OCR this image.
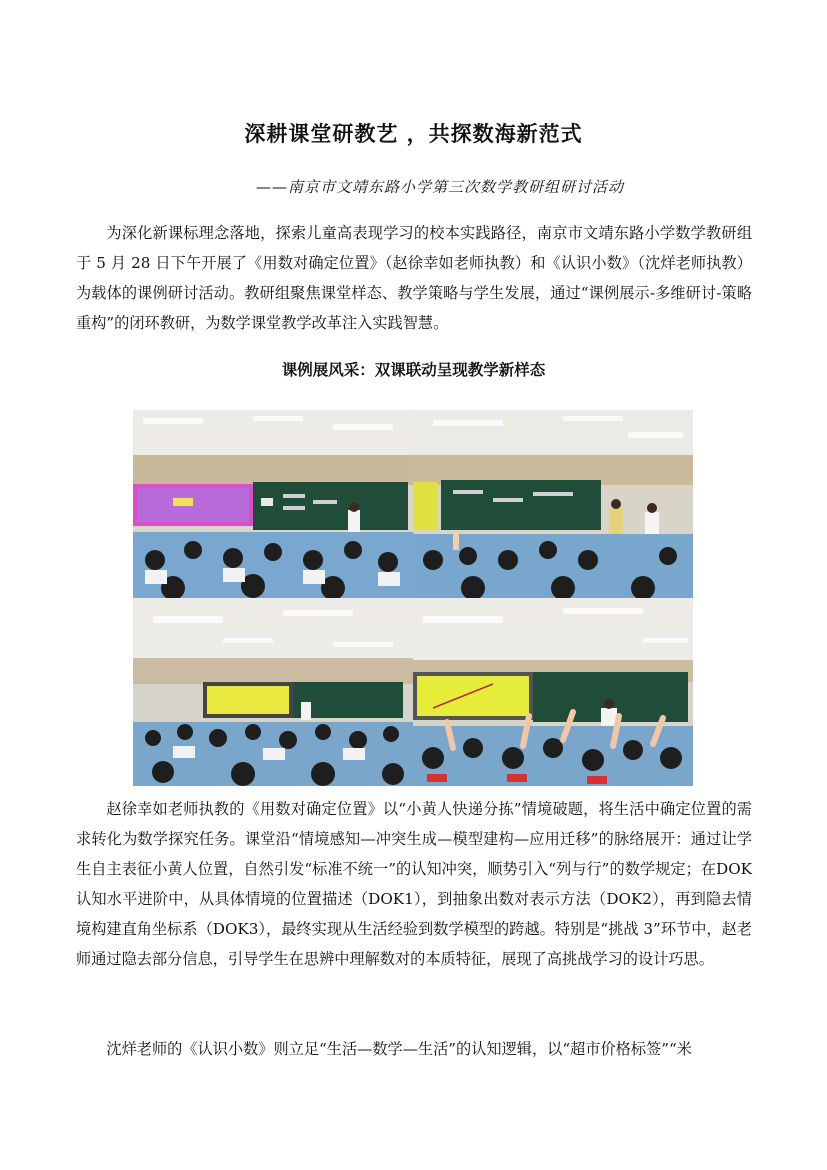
深耕课堂研教艺 ，共探数海新范式
——南京市文靖东路小学第三次数学教研组研讨活动

为深化新课标理念落地，探索儿童高表现学习的校本实践路径，南京市文靖东路小学数学教研组于 5 月 28 日下午开展了《用数对确定位置》（赵徐幸如老师执教）和《认识小数》（沈烊老师执教）为载体的课例研讨活动。教研组聚焦课堂样态、教学策略与学生发展，通过“课例展示-多维研讨-策略重构”的闭环教研，为数学课堂教学改革注入实践智慧。

课例展风采：双课联动呈现教学新样态

赵徐幸如老师执教的《用数对确定位置》以“小黄人快递分拣”情境破题，将生活中确定位置的需求转化为数学探究任务。课堂沿“情境感知—冲突生成—模型建构—应用迁移”的脉络展开：通过让学生自主表征小黄人位置，自然引发“标准不统一”的认知冲突，顺势引入“列与行”的数学规定；在DOK认知水平进阶中，从具体情境的位置描述（DOK1），到抽象出数对表示方法（DOK2），再到隐去情境构建直角坐标系（DOK3），最终实现从生活经验到数学模型的跨越。特别是“挑战 3”环节中，赵老师通过隐去部分信息，引导学生在思辨中理解数对的本质特征，展现了高挑战学习的设计巧思。

沈烊老师的《认识小数》则立足“生活—数学—生活”的认知逻辑，以“超市价格标签”“米
